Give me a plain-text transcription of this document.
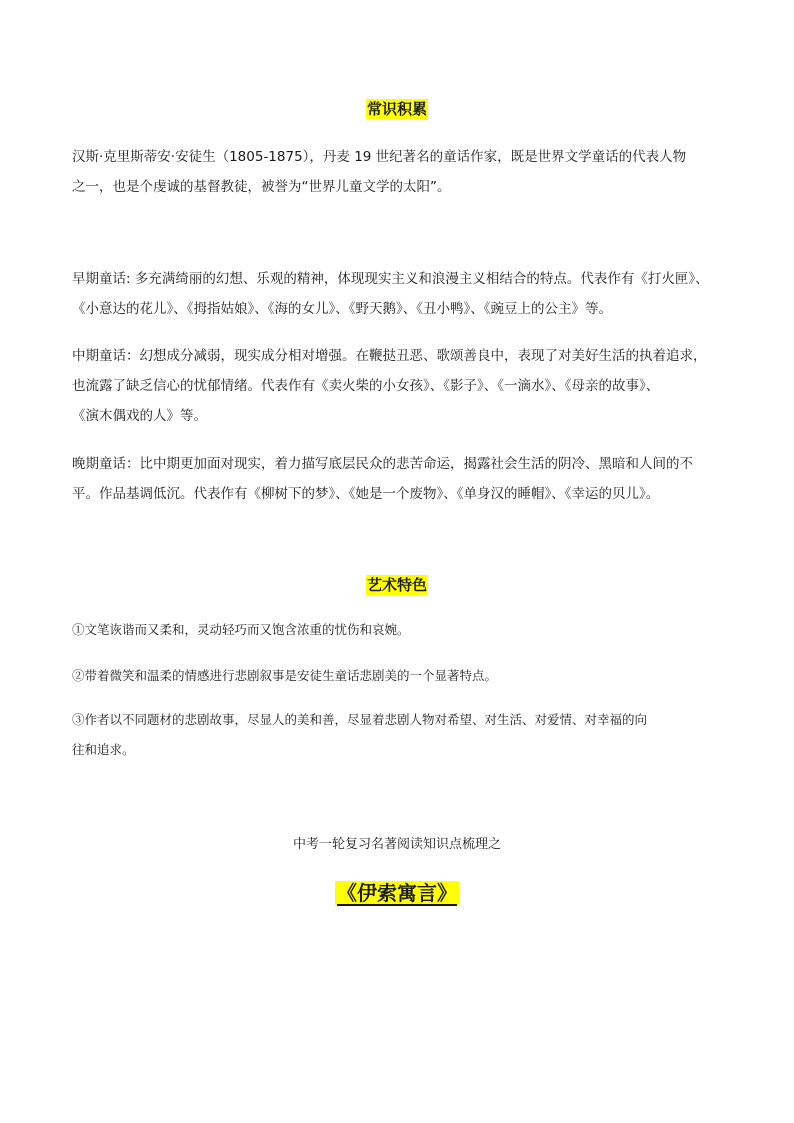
常识积累

汉斯·克里斯蒂安·安徒生（1805-1875），丹麦 19 世纪著名的童话作家，既是世界文学童话的代表人物
之一，也是个虔诚的基督教徒，被誉为“世界儿童文学的太阳”。

早期童话: 多充满绮丽的幻想、乐观的精神，体现现实主义和浪漫主义相结合的特点。代表作有《打火匣》、
《小意达的花儿》、《拇指姑娘》、《海的女儿》、《野天鹅》、《丑小鸭》、《豌豆上的公主》等。

中期童话：幻想成分减弱，现实成分相对增强。在鞭挞丑恶、歌颂善良中，表现了对美好生活的执着追求，
也流露了缺乏信心的忧郁情绪。代表作有《卖火柴的小女孩》、《影子》、《一滴水》、《母亲的故事》、
《演木偶戏的人》等。

晚期童话：比中期更加面对现实，着力描写底层民众的悲苦命运，揭露社会生活的阴冷、黑暗和人间的不
平。作品基调低沉。代表作有《柳树下的梦》、《她是一个废物》、《单身汉的睡帽》、《幸运的贝儿》。

艺术特色

①文笔诙谐而又柔和，灵动轻巧而又饱含浓重的忧伤和哀婉。

②带着微笑和温柔的情感进行悲剧叙事是安徒生童话悲剧美的一个显著特点。

③作者以不同题材的悲剧故事，尽显人的美和善，尽显着悲剧人物对希望、对生活、对爱情、对幸福的向
往和追求。

中考一轮复习名著阅读知识点梳理之
《伊索寓言》
